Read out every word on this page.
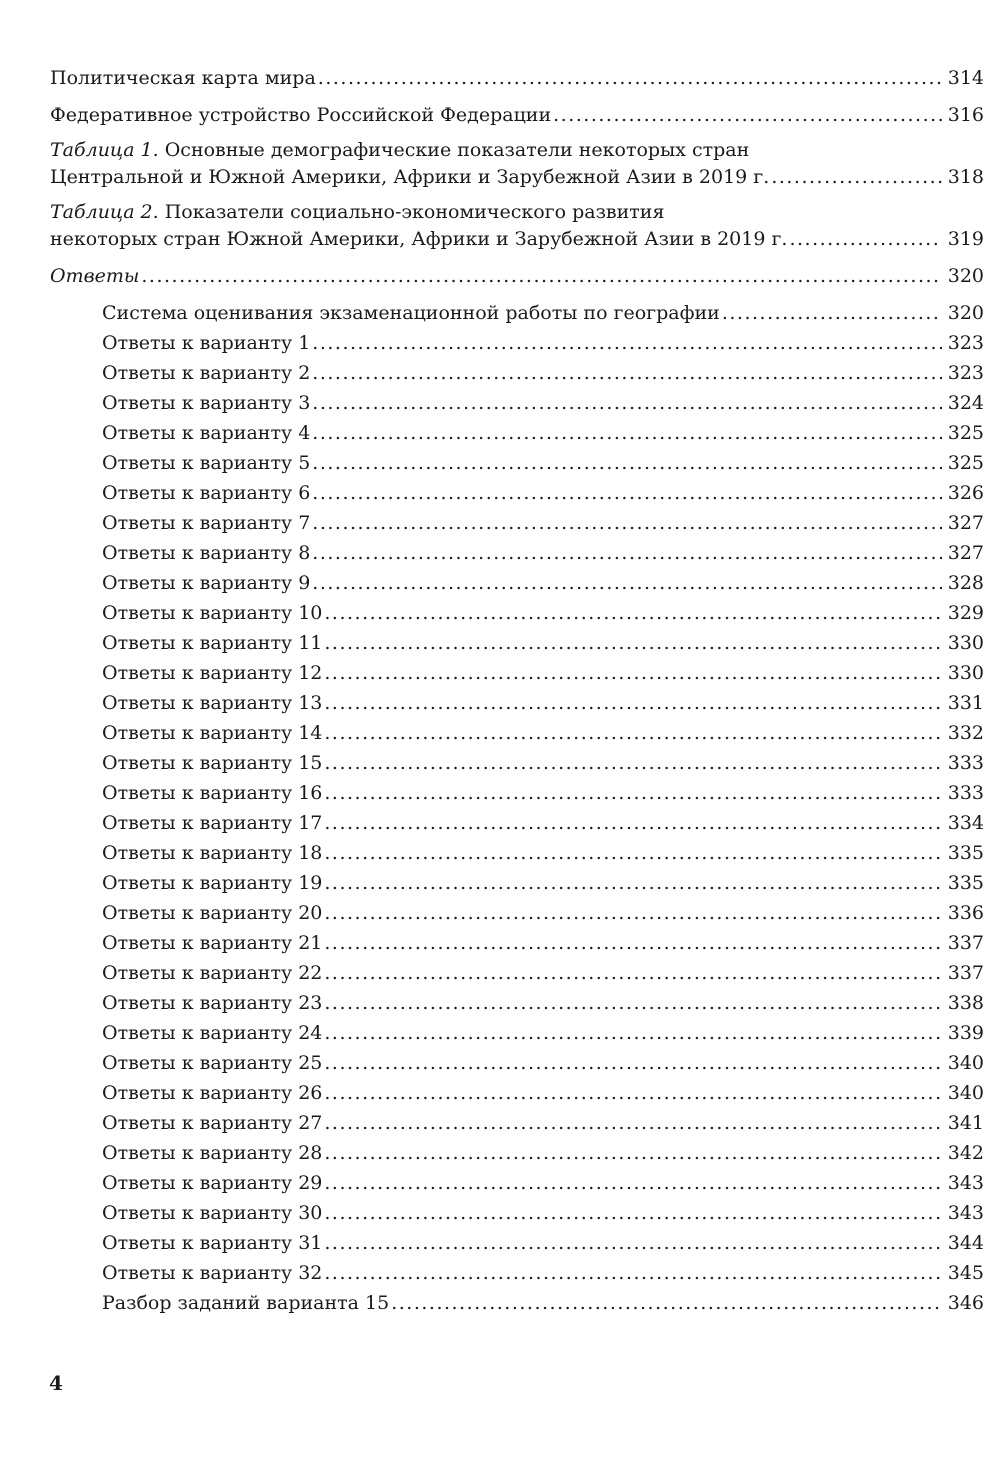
Политическая карта мира .....	314
Федеративное устройство Российской Федерации .....	316
Таблица 1. Основные демографические показатели некоторых стран
Центральной и Южной Америки, Африки и Зарубежной Азии в 2019 г. .....	318
Таблица 2. Показатели социально-экономического развития
некоторых стран Южной Америки, Африки и Зарубежной Азии в 2019 г. .....	319
Ответы .....	320
Система оценивания экзаменационной работы по географии .....	320
Ответы к варианту 1 .....	323
Ответы к варианту 2 .....	323
Ответы к варианту 3 .....	324
Ответы к варианту 4 .....	325
Ответы к варианту 5 .....	325
Ответы к варианту 6 .....	326
Ответы к варианту 7 .....	327
Ответы к варианту 8 .....	327
Ответы к варианту 9 .....	328
Ответы к варианту 10 .....	329
Ответы к варианту 11 .....	330
Ответы к варианту 12 .....	330
Ответы к варианту 13 .....	331
Ответы к варианту 14 .....	332
Ответы к варианту 15 .....	333
Ответы к варианту 16 .....	333
Ответы к варианту 17 .....	334
Ответы к варианту 18 .....	335
Ответы к варианту 19 .....	335
Ответы к варианту 20 .....	336
Ответы к варианту 21 .....	337
Ответы к варианту 22 .....	337
Ответы к варианту 23 .....	338
Ответы к варианту 24 .....	339
Ответы к варианту 25 .....	340
Ответы к варианту 26 .....	340
Ответы к варианту 27 .....	341
Ответы к варианту 28 .....	342
Ответы к варианту 29 .....	343
Ответы к варианту 30 .....	343
Ответы к варианту 31 .....	344
Ответы к варианту 32 .....	345
Разбор заданий варианта 15 .....	346
4
